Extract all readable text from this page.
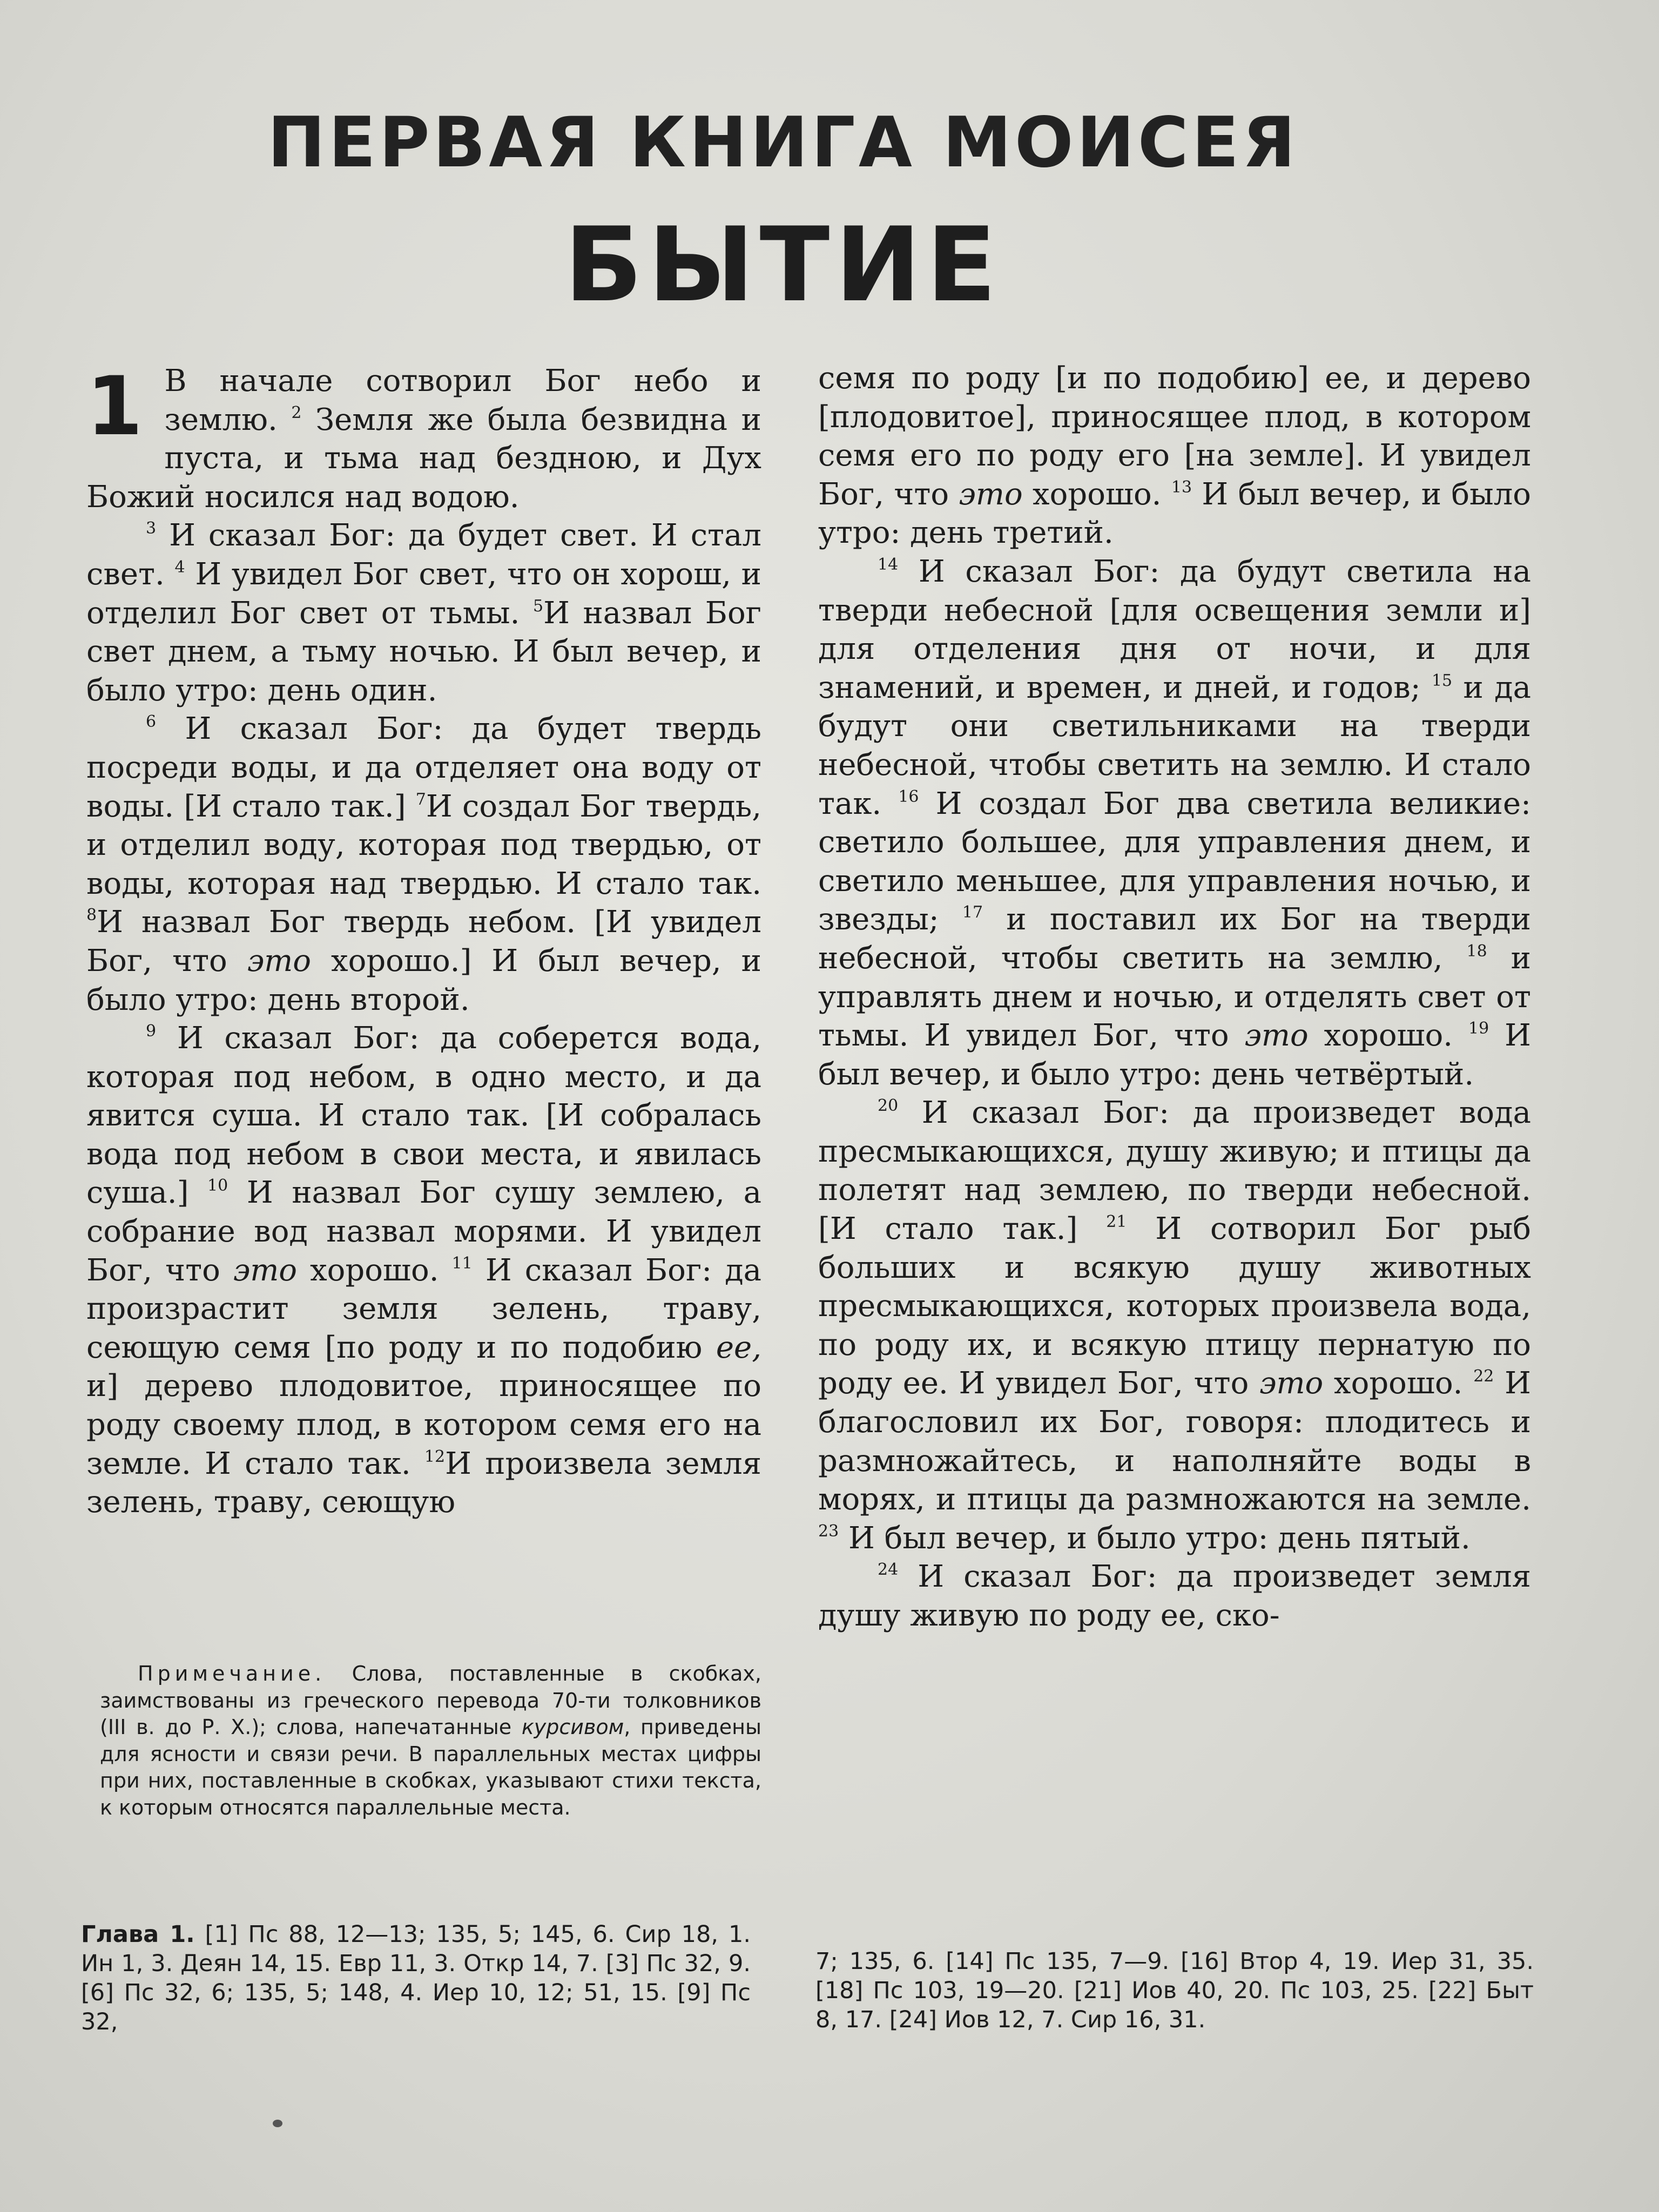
ПЕРВАЯ КНИГА МОИСЕЯ
БЫТИЕ

1 В начале сотворил Бог небо и землю. $^2$ Земля же была безвидна и пуста, и тьма над бездною, и Дух Божий носился над водою.

$^3$ И сказал Бог: да будет свет. И стал свет. $^4$ И увидел Бог свет, что он хорош, и отделил Бог свет от тьмы. $^5$И назвал Бог свет днем, а тьму ночью. И был вечер, и было утро: день один.

$^6$ И сказал Бог: да будет твердь посреди воды, и да отделяет она воду от воды. [И стало так.] $^7$И создал Бог твердь, и отделил воду, которая под твердью, от воды, которая над твердью. И стало так. $^8$И назвал Бог твердь небом. [И увидел Бог, что это хорошо.] И был вечер, и было утро: день второй.

$^9$ И сказал Бог: да соберется вода, которая под небом, в одно место, и да явится суша. И стало так. [И собралась вода под небом в свои места, и явилась суша.] $^{10}$ И назвал Бог сушу землею, а собрание вод назвал морями. И увидел Бог, что это хорошо. $^{11}$ И сказал Бог: да произрастит земля зелень, траву, сеющую семя [по роду и по подобию ее, и] дерево плодовитое, приносящее по роду своему плод, в котором семя его на земле. И стало так. $^{12}$И произвела земля зелень, траву, сеющую

семя по роду [и по подобию] ее, и дерево [плодовитое], приносящее плод, в котором семя его по роду его [на земле]. И увидел Бог, что это хорошо. $^{13}$ И был вечер, и было утро: день третий.

$^{14}$ И сказал Бог: да будут светила на тверди небесной [для освещения земли и] для отделения дня от ночи, и для знамений, и времен, и дней, и годов; $^{15}$ и да будут они светильниками на тверди небесной, чтобы светить на землю. И стало так. $^{16}$ И создал Бог два светила великие: светило большее, для управления днем, и светило меньшее, для управления ночью, и звезды; $^{17}$ и поставил их Бог на тверди небесной, чтобы светить на землю, $^{18}$ и управлять днем и ночью, и отделять свет от тьмы. И увидел Бог, что это хорошо. $^{19}$ И был вечер, и было утро: день четвёртый.

$^{20}$ И сказал Бог: да произведет вода пресмыкающихся, душу живую; и птицы да полетят над землею, по тверди небесной. [И стало так.] $^{21}$ И сотворил Бог рыб больших и всякую душу животных пресмыкающихся, которых произвела вода, по роду их, и всякую птицу пернатую по роду ее. И увидел Бог, что это хорошо. $^{22}$ И благословил их Бог, говоря: плодитесь и размножайтесь, и наполняйте воды в морях, и птицы да размножаются на земле. $^{23}$ И был вечер, и было утро: день пятый.

$^{24}$ И сказал Бог: да произведет земля душу живую по роду ее, ско-

Примечание. Слова, поставленные в скобках, заимствованы из греческого перевода 70-ти толковников (III в. до Р. Х.); слова, напечатанные курсивом, приведены для ясности и связи речи. В параллельных местах цифры при них, поставленные в скобках, указывают стихи текста, к которым относятся параллельные места.
Глава 1. [1] Пс 88, 12—13; 135, 5; 145, 6. Сир 18, 1. Ин 1, 3. Деян 14, 15. Евр 11, 3. Откр 14, 7. [3] Пс 32, 9. [6] Пс 32, 6; 135, 5; 148, 4. Иер 10, 12; 51, 15. [9] Пс 32,
7; 135, 6. [14] Пс 135, 7—9. [16] Втор 4, 19. Иер 31, 35. [18] Пс 103, 19—20. [21] Иов 40, 20. Пс 103, 25. [22] Быт 8, 17. [24] Иов 12, 7. Сир 16, 31.
